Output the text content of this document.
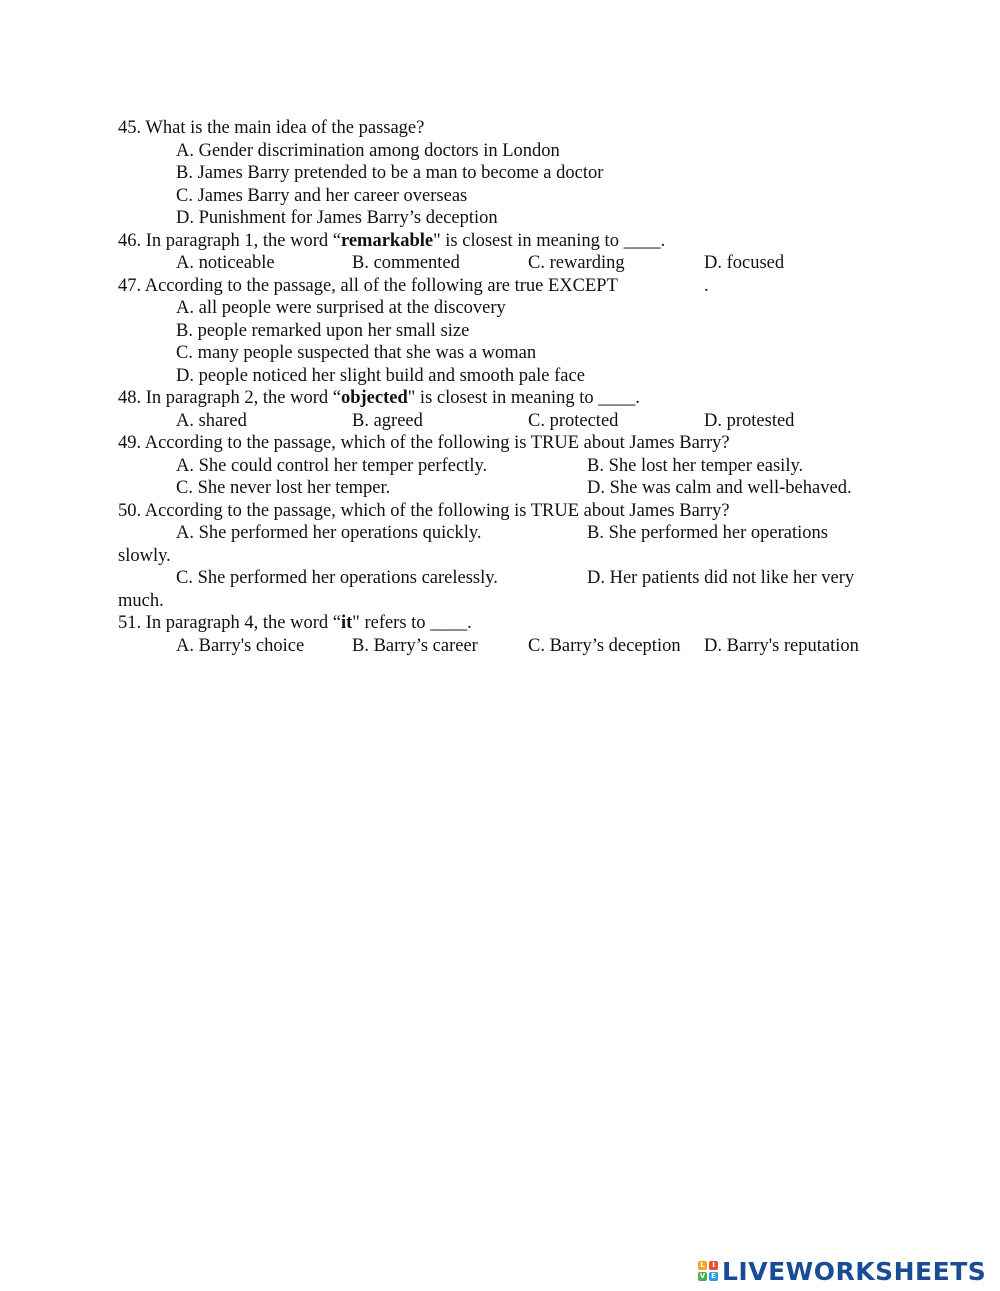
45. What is the main idea of the passage?
A. Gender discrimination among doctors in London
B. James Barry pretended to be a man to become a doctor
C. James Barry and her career overseas
D. Punishment for James Barry’s deception
46. In paragraph 1, the word “remarkable" is closest in meaning to ____.
A. noticeable	B. commented	C. rewarding	D. focused
47. According to the passage, all of the following are true EXCEPT	.
A. all people were surprised at the discovery
B. people remarked upon her small size
C. many people suspected that she was a woman
D. people noticed her slight build and smooth pale face
48. In paragraph 2, the word “objected" is closest in meaning to ____.
A. shared	B. agreed	C. protected	D. protested
49. According to the passage, which of the following is TRUE about James Barry?
A. She could control her temper perfectly.	B. She lost her temper easily.
C. She never lost her temper.	D. She was calm and well-behaved.
50. According to the passage, which of the following is TRUE about James Barry?
A. She performed her operations quickly.	B. She performed her operations
slowly.
C. She performed her operations carelessly.	D. Her patients did not like her very
much.
51. In paragraph 4, the word “it" refers to ____.
A. Barry's choice	B. Barry’s career	C. Barry’s deception D. Barry's reputation
L	I
V E LIVEWORKSHEETS
